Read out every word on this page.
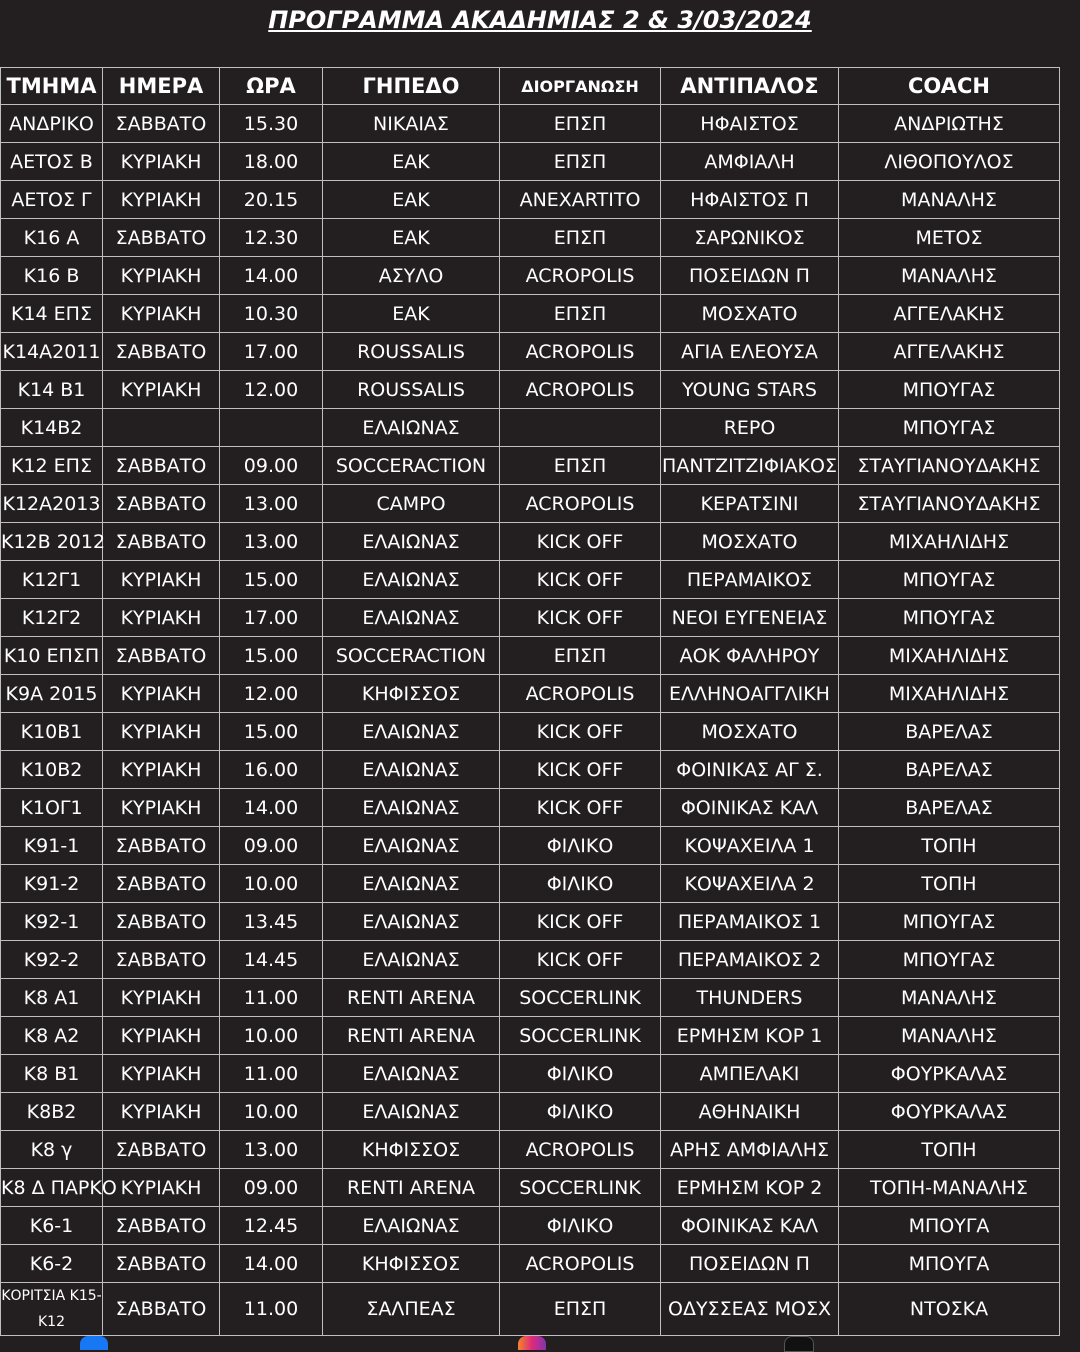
ΠΡΟΓΡΑΜΜΑ ΑΚΑΔΗΜΙΑΣ 2 & 3/03/2024
ΤΜΗΜΑ	ΗΜΕΡΑ	ΩΡΑ	ΓΗΠΕΔΟ	ΔΙΟΡΓΑΝΩΣΗ	ΑΝΤΙΠΑΛΟΣ	COACH
ΑΝΔΡΙΚΟ	ΣΑΒΒΑΤΟ	15.30	ΝΙΚΑΙΑΣ	ΕΠΣΠ	ΗΦΑΙΣΤΟΣ	ΑΝΔΡΙΩΤΗΣ
ΑΕΤΟΣ Β	ΚΥΡΙΑΚΗ	18.00	ΕΑΚ	ΕΠΣΠ	ΑΜΦΙΑΛΗ	ΛΙΘΟΠΟΥΛΟΣ
ΑΕΤΟΣ Γ	ΚΥΡΙΑΚΗ	20.15	ΕΑΚ	ΑΝΕΧΑRTITO	ΗΦΑΙΣΤΟΣ Π	ΜΑΝΑΛΗΣ
Κ16 Α	ΣΑΒΒΑΤΟ	12.30	ΕΑΚ	ΕΠΣΠ	ΣΑΡΩΝΙΚΟΣ	ΜΕΤΟΣ
Κ16 Β	ΚΥΡΙΑΚΗ	14.00	ΑΣΥΛΟ	ACROPOLIS	ΠΟΣΕΙΔΩΝ Π	ΜΑΝΑΛΗΣ
Κ14 ΕΠΣ	ΚΥΡΙΑΚΗ	10.30	ΕΑΚ	ΕΠΣΠ	ΜΟΣΧΑΤΟ	ΑΓΓΕΛΑΚΗΣ
Κ14Α2011	ΣΑΒΒΑΤΟ	17.00	ROUSSALIS	ACROPOLIS	ΑΓΙΑ ΕΛΕΟΥΣΑ	ΑΓΓΕΛΑΚΗΣ
Κ14 Β1	ΚΥΡΙΑΚΗ	12.00	ROUSSALIS	ACROPOLIS	YOUNG STARS	ΜΠΟΥΓΑΣ
Κ14Β2			ΕΛΑΙΩΝΑΣ		REPO	ΜΠΟΥΓΑΣ
Κ12 ΕΠΣ	ΣΑΒΒΑΤΟ	09.00	SOCCERACTION	ΕΠΣΠ	ΠΑΝΤΖΙΤΖΙΦΙΑΚΟΣ	ΣΤΑΥΓΙΑΝΟΥΔΑΚΗΣ
Κ12Α2013	ΣΑΒΒΑΤΟ	13.00	CAMPO	ACROPOLIS	ΚΕΡΑΤΣΙΝΙ	ΣΤΑΥΓΙΑΝΟΥΔΑΚΗΣ
Κ12Β 2012	ΣΑΒΒΑΤΟ	13.00	ΕΛΑΙΩΝΑΣ	KICK OFF	ΜΟΣΧΑΤΟ	ΜΙΧΑΗΛΙΔΗΣ
Κ12Γ1	ΚΥΡΙΑΚΗ	15.00	ΕΛΑΙΩΝΑΣ	KICK OFF	ΠΕΡΑΜΑΙΚΟΣ	ΜΠΟΥΓΑΣ
Κ12Γ2	ΚΥΡΙΑΚΗ	17.00	ΕΛΑΙΩΝΑΣ	KICK OFF	ΝΕΟΙ ΕΥΓΕΝΕΙΑΣ	ΜΠΟΥΓΑΣ
Κ10 ΕΠΣΠ	ΣΑΒΒΑΤΟ	15.00	SOCCERACTION	ΕΠΣΠ	ΑΟΚ ΦΑΛΗΡΟΥ	ΜΙΧΑΗΛΙΔΗΣ
Κ9Α 2015	ΚΥΡΙΑΚΗ	12.00	ΚΗΦΙΣΣΟΣ	ACROPOLIS	ΕΛΛΗΝΟΑΓΓΛΙΚΗ	ΜΙΧΑΗΛΙΔΗΣ
Κ10Β1	ΚΥΡΙΑΚΗ	15.00	ΕΛΑΙΩΝΑΣ	KICK OFF	ΜΟΣΧΑΤΟ	ΒΑΡΕΛΑΣ
Κ10Β2	ΚΥΡΙΑΚΗ	16.00	ΕΛΑΙΩΝΑΣ	KICK OFF	ΦΟΙΝΙΚΑΣ ΑΓ Σ.	ΒΑΡΕΛΑΣ
Κ1ΟΓ1	ΚΥΡΙΑΚΗ	14.00	ΕΛΑΙΩΝΑΣ	KICK OFF	ΦΟΙΝΙΚΑΣ ΚΑΛ	ΒΑΡΕΛΑΣ
Κ91-1	ΣΑΒΒΑΤΟ	09.00	ΕΛΑΙΩΝΑΣ	ΦΙΛΙΚΟ	ΚΟΨΑΧΕΙΛΑ 1	ΤΟΠΗ
Κ91-2	ΣΑΒΒΑΤΟ	10.00	ΕΛΑΙΩΝΑΣ	ΦΙΛΙΚΟ	ΚΟΨΑΧΕΙΛΑ 2	ΤΟΠΗ
Κ92-1	ΣΑΒΒΑΤΟ	13.45	ΕΛΑΙΩΝΑΣ	KICK OFF	ΠΕΡΑΜΑΙΚΟΣ 1	ΜΠΟΥΓΑΣ
Κ92-2	ΣΑΒΒΑΤΟ	14.45	ΕΛΑΙΩΝΑΣ	KICK OFF	ΠΕΡΑΜΑΙΚΟΣ 2	ΜΠΟΥΓΑΣ
Κ8 Α1	ΚΥΡΙΑΚΗ	11.00	RENTI ARENA	SOCCERLINK	THUNDERS	ΜΑΝΑΛΗΣ
Κ8 Α2	ΚΥΡΙΑΚΗ	10.00	RENTI ARENA	SOCCERLINK	ΕΡΜΗΣΜ ΚΟΡ 1	ΜΑΝΑΛΗΣ
Κ8 Β1	ΚΥΡΙΑΚΗ	11.00	ΕΛΑΙΩΝΑΣ	ΦΙΛΙΚΟ	ΑΜΠΕΛΑΚΙ	ΦΟΥΡΚΑΛΑΣ
Κ8Β2	ΚΥΡΙΑΚΗ	10.00	ΕΛΑΙΩΝΑΣ	ΦΙΛΙΚΟ	ΑΘΗΝΑΙΚΗ	ΦΟΥΡΚΑΛΑΣ
Κ8 γ	ΣΑΒΒΑΤΟ	13.00	ΚΗΦΙΣΣΟΣ	ACROPOLIS	ΑΡΗΣ ΑΜΦΙΑΛΗΣ	ΤΟΠΗ
Κ8 Δ ΠΑΡΚΟ	ΚΥΡΙΑΚΗ	09.00	RENTI ARENA	SOCCERLINK	ΕΡΜΗΣΜ ΚΟΡ 2	ΤΟΠΗ-ΜΑΝΑΛΗΣ
Κ6-1	ΣΑΒΒΑΤΟ	12.45	ΕΛΑΙΩΝΑΣ	ΦΙΛΙΚΟ	ΦΟΙΝΙΚΑΣ ΚΑΛ	ΜΠΟΥΓΑ
Κ6-2	ΣΑΒΒΑΤΟ	14.00	ΚΗΦΙΣΣΟΣ	ACROPOLIS	ΠΟΣΕΙΔΩΝ Π	ΜΠΟΥΓΑ
ΚΟΡΙΤΣΙΑ Κ15-Κ12	ΣΑΒΒΑΤΟ	11.00	ΣΑΛΠΕΑΣ	ΕΠΣΠ	ΟΔΥΣΣΕΑΣ ΜΟΣΧ	ΝΤΟΣΚΑ
